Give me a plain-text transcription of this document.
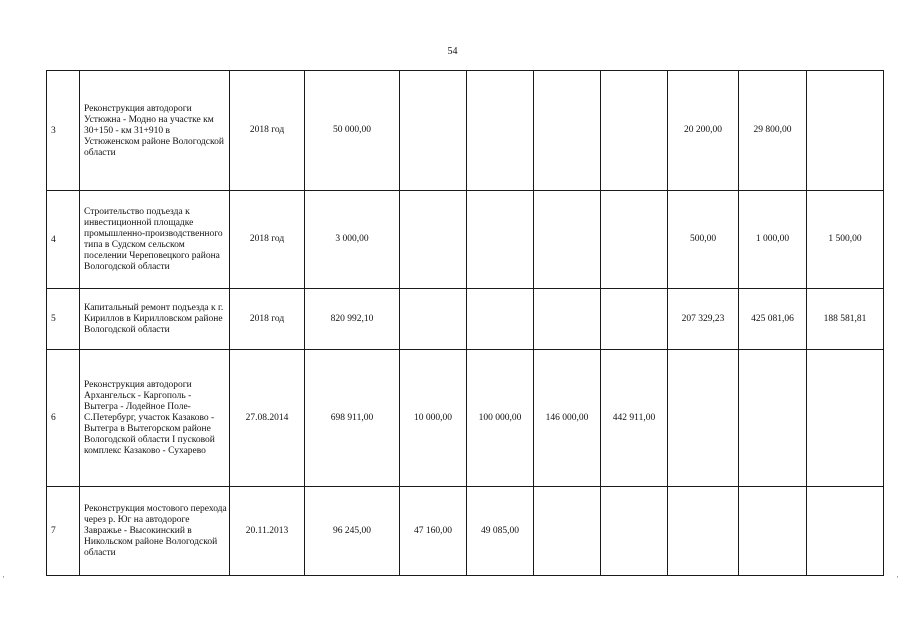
54
·	·
3	Реконструкция автодороги Устюжна - Модно на участке км 30+150 - км 31+910 в Устюженском районе Вологодской области	2018 год	50 000,00					20 200,00	29 800,00	
4	Строительство подъезда к инвестиционной площадке промышленно-производственного типа в Судском сельском поселении Череповецкого района Вологодской области	2018 год	3 000,00					500,00	1 000,00	1 500,00
5	Капитальный ремонт подъезда к г. Кириллов в Кирилловском районе Вологодской области	2018 год	820 992,10					207 329,23	425 081,06	188 581,81
6	Реконструкция автодороги Архангельск - Каргополь - Вытегра - Лодейное Поле-С.Петербург, участок Казаково - Вытегра в Вытегорском районе Вологодской области I пусковой комплекс Казаково - Сухарево	27.08.2014	698 911,00	10 000,00	100 000,00	146 000,00	442 911,00			
7	Реконструкция мостового перехода через р. Юг на автодороге Завражье - Высокинский в Никольском районе Вологодской области	20.11.2013	96 245,00	47 160,00	49 085,00					
